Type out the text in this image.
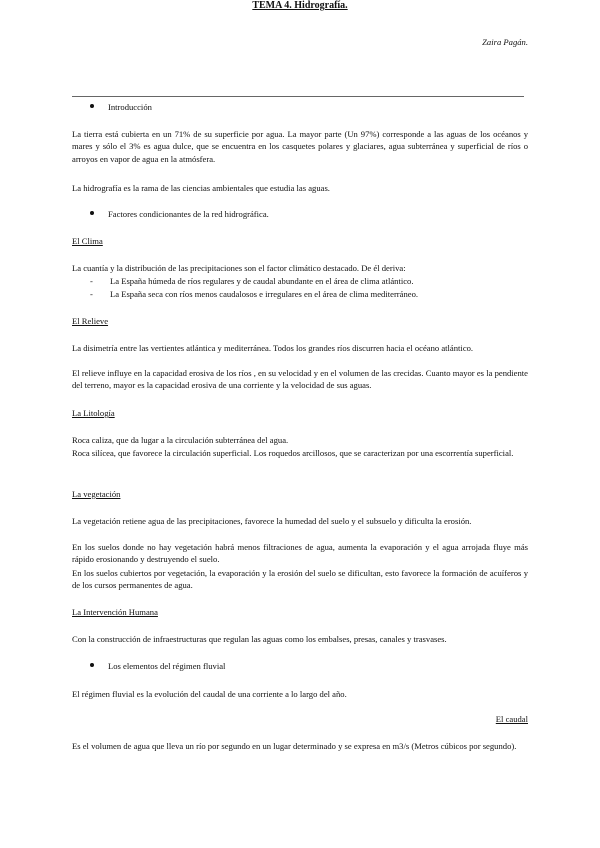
Zaira Pagán.
TEMA 4. Hidrografía.
Introducción
La tierra está cubierta en un 71% de su superficie por agua. La mayor parte (Un 97%) corresponde a las aguas de los océanos y mares y sólo el 3% es agua dulce, que se encuentra en los casquetes polares y glaciares, agua subterránea y superficial de ríos o arroyos en vapor de agua en la atmósfera.
La hidrografía es la rama de las ciencias ambientales que estudia las aguas.
Factores condicionantes de la red hidrográfica.
El Clima
La cuantía y la distribución de las precipitaciones son el factor climático destacado. De él deriva:
- La España húmeda de ríos regulares y de caudal abundante en el área de clima atlántico.
- La España seca con ríos menos caudalosos e irregulares en el área de clima mediterráneo.
El Relieve
La disimetría entre las vertientes atlántica y mediterránea. Todos los grandes ríos discurren hacia el océano atlántico.
El relieve influye en la capacidad erosiva de los ríos , en su velocidad y en el volumen de las crecidas. Cuanto mayor es la pendiente del terreno, mayor es la capacidad erosiva de una corriente y la velocidad de sus aguas.
La Litología
Roca caliza, que da lugar a la circulación subterránea del agua.
Roca silícea, que favorece la circulación superficial. Los roquedos arcillosos, que se caracterizan por una escorrentía superficial.
La vegetación
La vegetación retiene agua de las precipitaciones, favorece la humedad del suelo y el subsuelo y dificulta la erosión.
En los suelos donde no hay vegetación habrá menos filtraciones de agua, aumenta la evaporación y el agua arrojada fluye más rápido erosionando y destruyendo el suelo.
En los suelos cubiertos por vegetación, la evaporación y la erosión del suelo se dificultan, esto favorece la formación de acuíferos y de los cursos permanentes de agua.
La Intervención Humana
Con la construcción de infraestructuras que regulan las aguas como los embalses, presas, canales y trasvases.
Los elementos del régimen fluvial
El régimen fluvial es la evolución del caudal de una corriente a lo largo del año.
El caudal
Es el volumen de agua que lleva un río por segundo en un lugar determinado y se expresa en m3/s (Metros cúbicos por segundo).
